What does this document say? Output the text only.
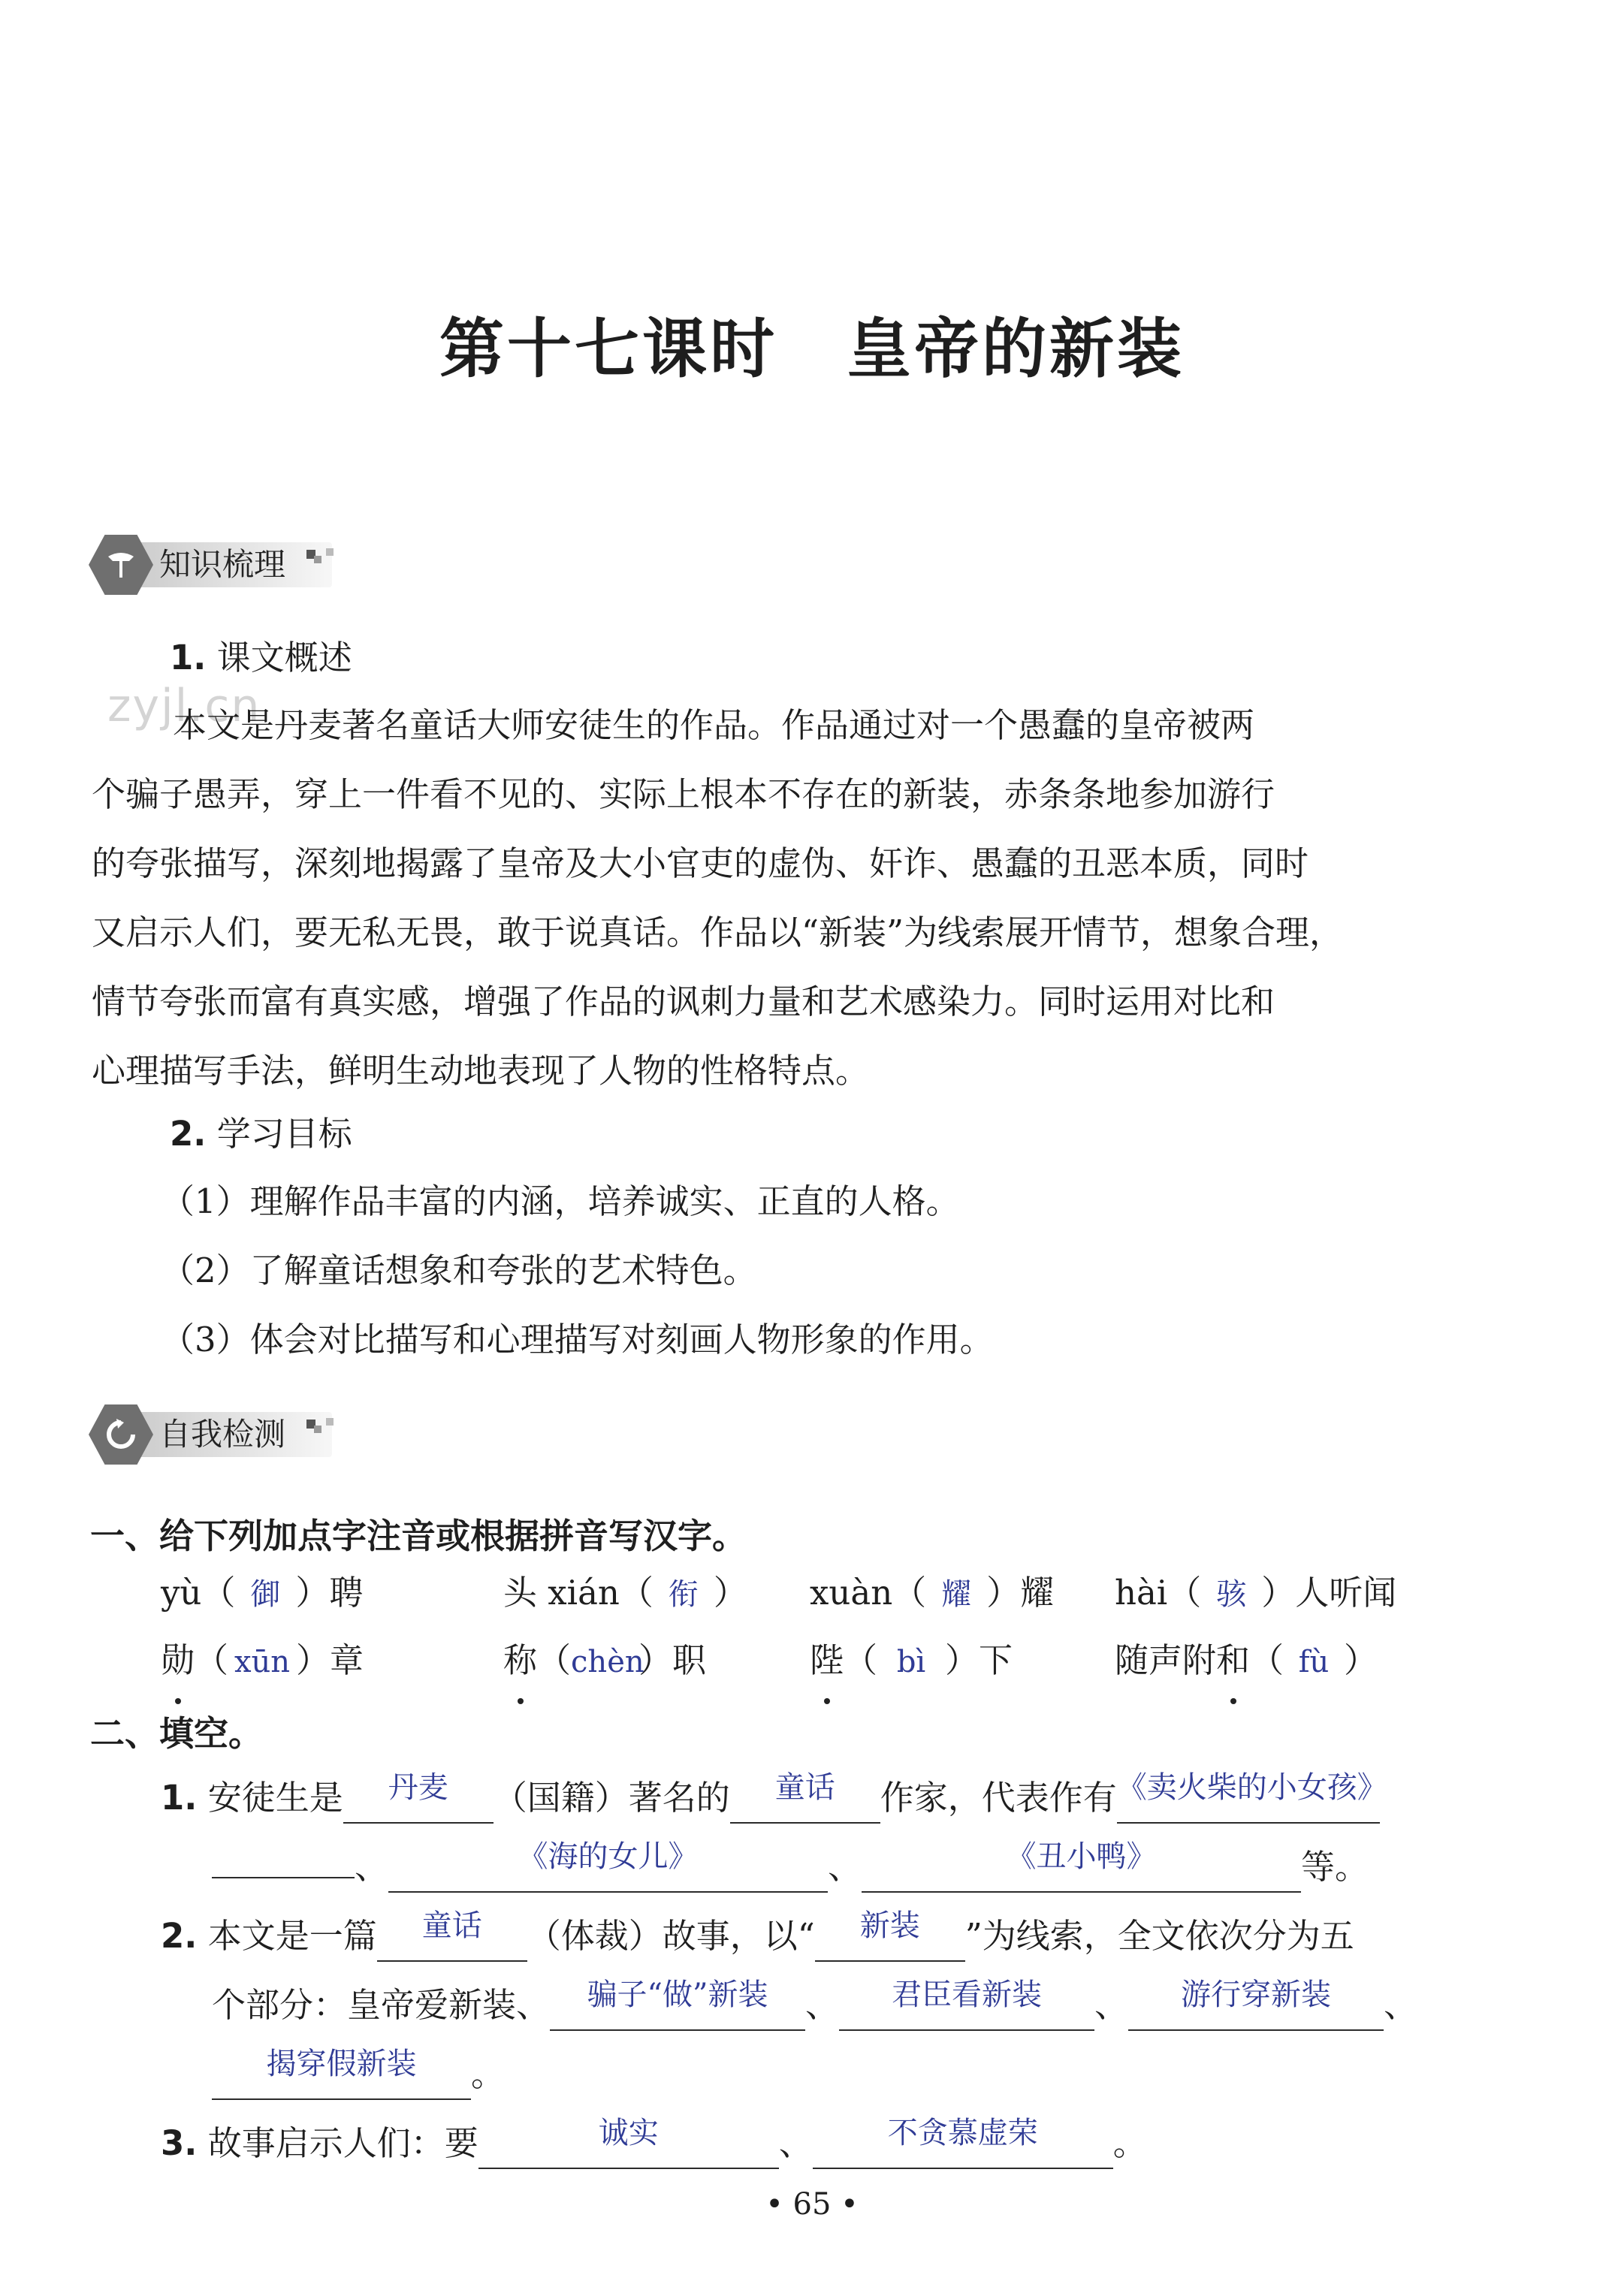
第十七课时 皇帝的新装
知识梳理
zyjl.cn
1. 课文概述
本文是丹麦著名童话大师安徒生的作品。作品通过对一个愚蠢的皇帝被两
个骗子愚弄，穿上一件看不见的、实际上根本不存在的新装，赤条条地参加游行
的夸张描写，深刻地揭露了皇帝及大小官吏的虚伪、奸诈、愚蠢的丑恶本质，同时
又启示人们，要无私无畏，敢于说真话。作品以“新装”为线索展开情节，想象合理，
情节夸张而富有真实感，增强了作品的讽刺力量和艺术感染力。同时运用对比和
心理描写手法，鲜明生动地表现了人物的性格特点。
2. 学习目标
（1）理解作品丰富的内涵，培养诚实、正直的人格。
（2）了解童话想象和夸张的艺术特色。
（3）体会对比描写和心理描写对刻画人物形象的作用。
自我检测
一、给下列加点字注音或根据拼音写汉字。
yù（ 御 ）聘	头 xián（ 衔 ） xuàn（ 耀 ）耀 hài（ 骇 ）人听闻
勋（ xūn ）章	称（chèn）职	陛（ bì ）下	随声附和（ fù ）
二、填空。
1. 安徒生是 丹麦 （国籍）著名的 童话 作家，代表作有《卖火柴的小女孩》
、	《海的女儿》	、	《丑小鸭》	等。
2. 本文是一篇 童话 （体裁）故事，以“ 新装 ”为线索，全文依次分为五
个部分：皇帝爱新装、 骗子“做”新装 、 君臣看新装 、 游行穿新装 、
揭穿假新装 。
3. 故事启示人们：要	诚实	、	不贪慕虚荣 。
• 65 •
